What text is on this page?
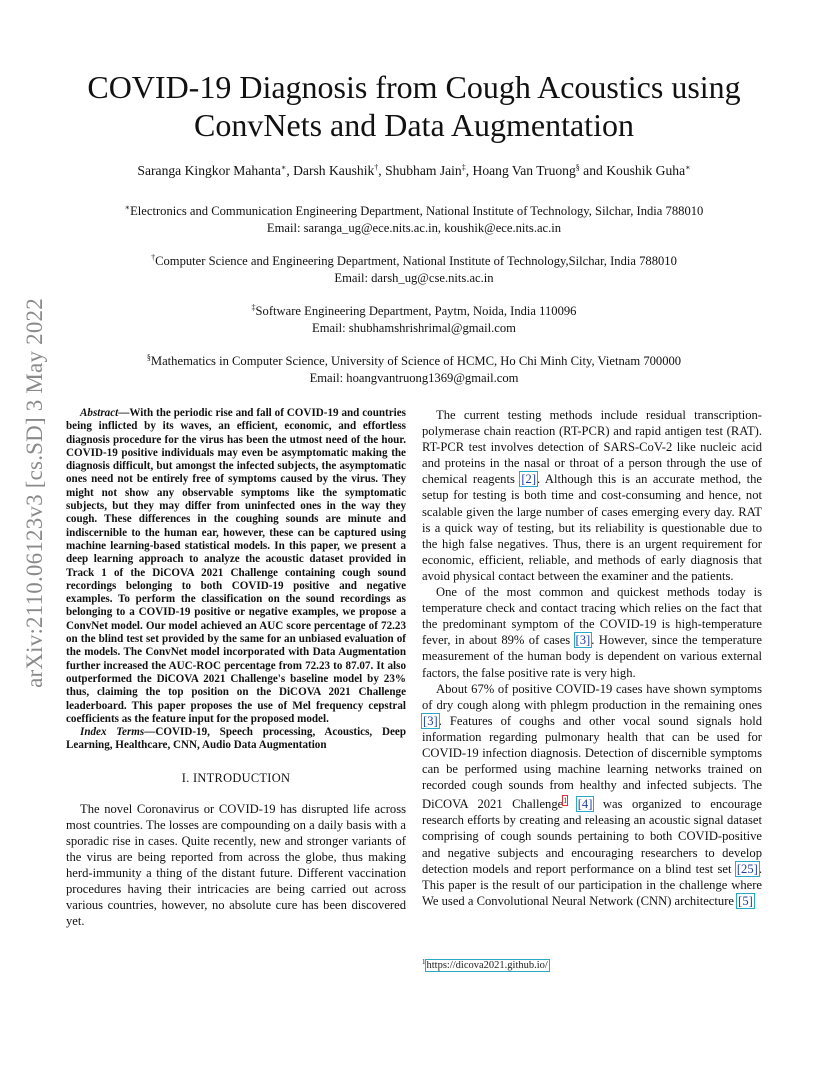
arXiv:2110.06123v3 [cs.SD] 3 May 2022
COVID-19 Diagnosis from Cough Acoustics using ConvNets and Data Augmentation
Saranga Kingkor Mahanta∗, Darsh Kaushik†, Shubham Jain‡, Hoang Van Truong§ and Koushik Guha∗
∗Electronics and Communication Engineering Department, National Institute of Technology, Silchar, India 788010
Email: saranga_ug@ece.nits.ac.in, koushik@ece.nits.ac.in
†Computer Science and Engineering Department, National Institute of Technology,Silchar, India 788010
Email: darsh_ug@cse.nits.ac.in
‡Software Engineering Department, Paytm, Noida, India 110096
Email: shubhamshrishrimal@gmail.com
§Mathematics in Computer Science, University of Science of HCMC, Ho Chi Minh City, Vietnam 700000
Email: hoangvantruong1369@gmail.com

Abstract—With the periodic rise and fall of COVID-19 and countries being inflicted by its waves, an efficient, economic, and effortless diagnosis procedure for the virus has been the utmost need of the hour. COVID-19 positive individuals may even be asymptomatic making the diagnosis difficult, but amongst the infected subjects, the asymptomatic ones need not be entirely free of symptoms caused by the virus. They might not show any observable symptoms like the symptomatic subjects, but they may differ from uninfected ones in the way they cough. These differences in the coughing sounds are minute and indiscernible to the human ear, however, these can be captured using machine learning-based statistical models. In this paper, we present a deep learning approach to analyze the acoustic dataset provided in Track 1 of the DiCOVA 2021 Challenge containing cough sound recordings belonging to both COVID-19 positive and negative examples. To perform the classification on the sound recordings as belonging to a COVID-19 positive or negative examples, we propose a ConvNet model. Our model achieved an AUC score percentage of 72.23 on the blind test set provided by the same for an unbiased evaluation of the models. The ConvNet model incorporated with Data Augmentation further increased the AUC-ROC percentage from 72.23 to 87.07. It also outperformed the DiCOVA 2021 Challenge's baseline model by 23% thus, claiming the top position on the DiCOVA 2021 Challenge leaderboard. This paper proposes the use of Mel frequency cepstral coefficients as the feature input for the proposed model.

Index Terms—COVID-19, Speech processing, Acoustics, Deep Learning, Healthcare, CNN, Audio Data Augmentation

I. INTRODUCTION

The novel Coronavirus or COVID-19 has disrupted life across most countries. The losses are compounding on a daily basis with a sporadic rise in cases. Quite recently, new and stronger variants of the virus are being reported from across the globe, thus making herd-immunity a thing of the distant future. Different vaccination procedures having their intricacies are being carried out across various countries, however, no absolute cure has been discovered yet.

The current testing methods include residual transcription-polymerase chain reaction (RT-PCR) and rapid antigen test (RAT). RT-PCR test involves detection of SARS-CoV-2 like nucleic acid and proteins in the nasal or throat of a person through the use of chemical reagents [2]. Although this is an accurate method, the setup for testing is both time and cost-consuming and hence, not scalable given the large number of cases emerging every day. RAT is a quick way of testing, but its reliability is questionable due to the high false negatives. Thus, there is an urgent requirement for economic, efficient, reliable, and methods of early diagnosis that avoid physical contact between the examiner and the patients.

One of the most common and quickest methods today is temperature check and contact tracing which relies on the fact that the predominant symptom of the COVID-19 is high-temperature fever, in about 89% of cases [3]. However, since the temperature measurement of the human body is dependent on various external factors, the false positive rate is very high.

About 67% of positive COVID-19 cases have shown symptoms of dry cough along with phlegm production in the remaining ones [3]. Features of coughs and other vocal sound signals hold information regarding pulmonary health that can be used for COVID-19 infection diagnosis. Detection of discernible symptoms can be performed using machine learning networks trained on recorded cough sounds from healthy and infected subjects. The DiCOVA 2021 Challenge$^1$ [4] was organized to encourage research efforts by creating and releasing an acoustic signal dataset comprising of cough sounds pertaining to both COVID-positive and negative subjects and encouraging researchers to develop detection models and report performance on a blind test set [25]. This paper is the result of our participation in the challenge where We used a Convolutional Neural Network (CNN) architecture [5]

$^1$https://dicova2021.github.io/
